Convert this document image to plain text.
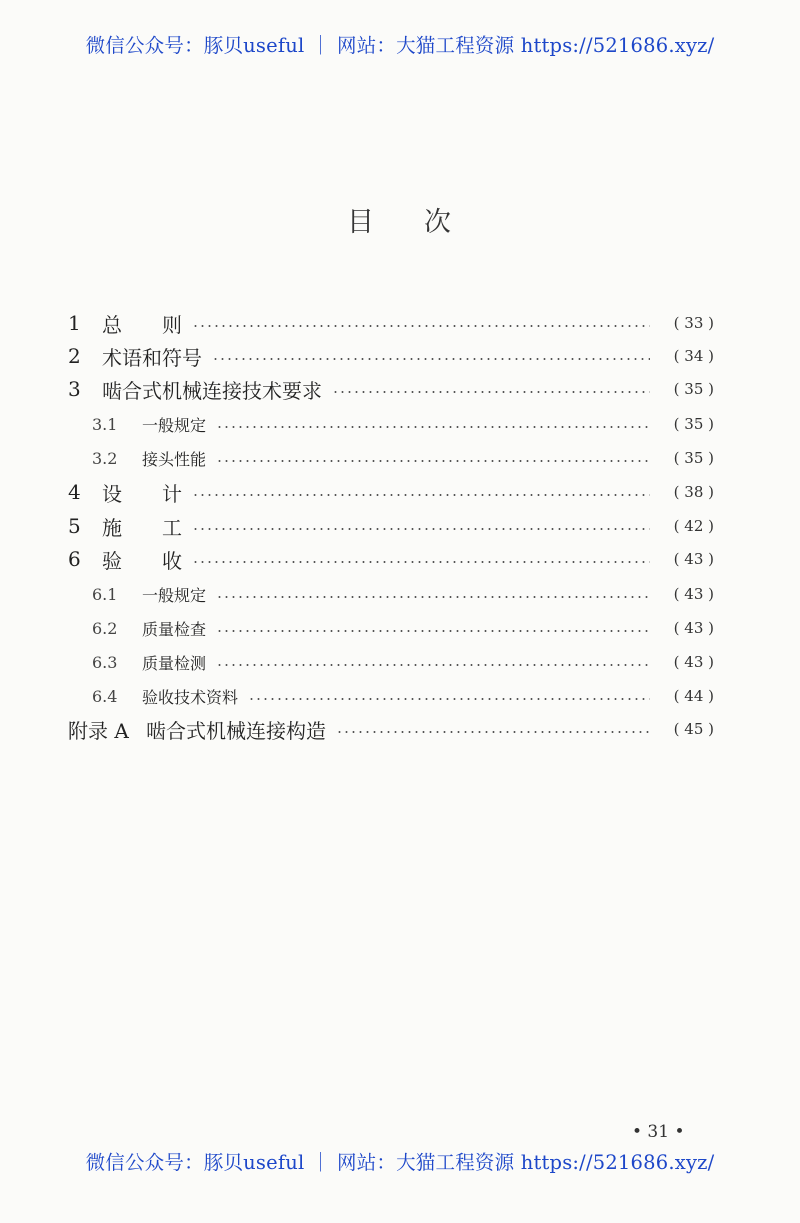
微信公众号：豚贝useful ｜ 网站：大猫工程资源 https://521686.xyz/
目 次
1	总　　则	( 33 )
2	术语和符号	( 34 )
3	啮合式机械连接技术要求	( 35 )
3.1	一般规定	( 35 )
3.2	接头性能	( 35 )
4	设　　计	( 38 )
5	施　　工	( 42 )
6	验　　收	( 43 )
6.1	一般规定	( 43 )
6.2	质量检查	( 43 )
6.3	质量检测	( 43 )
6.4	验收技术资料	( 44 )
附录 A 啮合式机械连接构造	( 45 )
• 31 •
微信公众号：豚贝useful ｜ 网站：大猫工程资源 https://521686.xyz/
